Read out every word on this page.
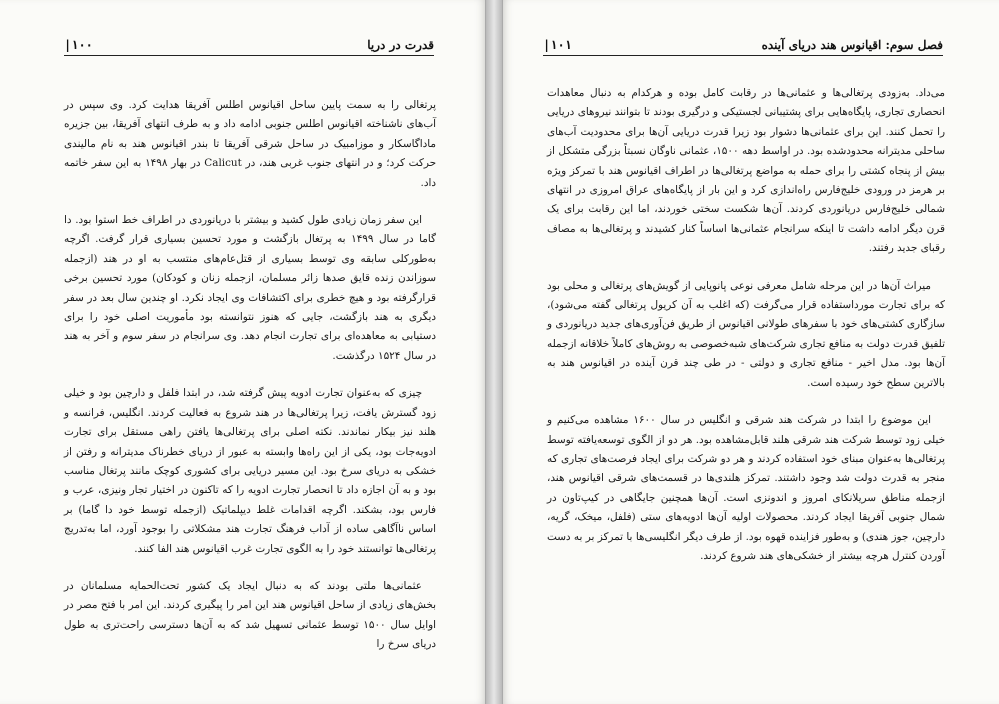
|۱۰۰	قدرت در دریا

پرتغالی را به سمت پایین ساحل اقیانوس اطلس آفریقا هدایت کرد. وی سپس در آب‌های ناشناخته اقیانوس اطلس جنوبی ادامه داد و به طرف انتهای آفریقا، بین جزیره ماداگاسکار و موزامبیک در ساحل شرقی آفریقا تا بندر اقیانوس هند به نام مالیندی حرکت کرد؛ و در انتهای جنوب غربی هند، در Calicut در بهار ۱۴۹۸ به این سفر خاتمه داد.

این سفر زمان زیادی طول کشید و بیشتر با دریانوردی در اطراف خط استوا بود. دا گاما در سال ۱۴۹۹ به پرتغال بازگشت و مورد تحسین بسیاری قرار گرفت. اگرچه به‌طورکلی سابقه وی توسط بسیاری از قتل‌عام‌های منتسب به او در هند (ازجمله سوزاندن زنده قایق صدها زائر مسلمان، ازجمله زنان و کودکان) مورد تحسین برخی قرارگرفته بود و هیچ خطری برای اکتشافات وی ایجاد نکرد. او چندین سال بعد در سفر دیگری به هند بازگشت، جایی که هنوز نتوانسته بود مأموریت اصلی خود را برای دستیابی به معاهده‌ای برای تجارت انجام دهد. وی سرانجام در سفر سوم و آخر به هند در سال ۱۵۲۴ درگذشت.

چیزی که به‌عنوان تجارت ادویه پیش گرفته شد، در ابتدا فلفل و دارچین بود و خیلی زود گسترش یافت، زیرا پرتغالی‌ها در هند شروع به فعالیت کردند. انگلیس، فرانسه و هلند نیز بیکار نماندند. نکته اصلی برای پرتغالی‌ها یافتن راهی مستقل برای تجارت ادویه‌جات بود، یکی از این راه‌ها وابسته به عبور از دریای خطرناک مدیترانه و رفتن از خشکی به دریای سرخ بود. این مسیر دریایی برای کشوری کوچک مانند پرتغال مناسب بود و به آن اجازه داد تا انحصار تجارت ادویه را که تاکنون در اختیار تجار ونیزی، عرب و فارس بود، بشکند. اگرچه اقدامات غلط دیپلماتیک (ازجمله توسط خود دا گاما) بر اساس ناآگاهی ساده از آداب فرهنگ تجارت هند مشکلاتی را بوجود آورد، اما به‌تدریج پرتغالی‌ها توانستند خود را به الگوی تجارت غرب اقیانوس هند الفا کنند.

عثمانی‌ها ملتی بودند که به دنبال ایجاد یک کشور تحت‌الحمایه مسلمانان در بخش‌های زیادی از ساحل اقیانوس هند این امر را پیگیری کردند. این امر با فتح مصر در اوایل سال ۱۵۰۰ توسط عثمانی تسهیل شد که به آن‌ها دسترسی راحت‌تری به طول دریای سرخ را

|۱۰۱	فصل سوم: اقیانوس هند دریای آینده

می‌داد. به‌زودی پرتغالی‌ها و عثمانی‌ها در رقابت کامل بوده و هرکدام به دنبال معاهدات انحصاری تجاری، پایگاه‌هایی برای پشتیبانی لجستیکی و درگیری بودند تا بتوانند نیروهای دریایی را تحمل کنند. این برای عثمانی‌ها دشوار بود زیرا قدرت دریایی آن‌ها برای محدودیت آب‌های ساحلی مدیترانه محدودشده بود. در اواسط دهه ۱۵۰۰، عثمانی ناوگان نسبتاً بزرگی متشکل از بیش از پنجاه کشتی را برای حمله به مواضع پرتغالی‌ها در اطراف اقیانوس هند با تمرکز ویژه بر هرمز در ورودی خلیج‌فارس راه‌اندازی کرد و این بار از پایگاه‌های عراق امروزی در انتهای شمالی خلیج‌فارس دریانوردی کردند. آن‌ها شکست سختی خوردند، اما این رقابت برای یک قرن دیگر ادامه داشت تا اینکه سرانجام عثمانی‌ها اساساً کنار کشیدند و پرتغالی‌ها به مصاف رقبای جدید رفتند.

میراث آن‌ها در این مرحله شامل معرفی نوعی پانوپایی از گویش‌های پرتغالی و محلی بود که برای تجارت مورداستفاده قرار می‌گرفت (که اغلب به آن کریول پرتغالی گفته می‌شود)، سازگاری کشتی‌های خود با سفرهای طولانی اقیانوس از طریق فن‌آوری‌های جدید دریانوردی و تلفیق قدرت دولت به منافع تجاری شرکت‌های شبه‌خصوصی به روش‌های کاملاً خلاقانه ازجمله آن‌ها بود. مدل اخیر - منافع تجاری و دولتی - در طی چند قرن آینده در اقیانوس هند به بالاترین سطح خود رسیده است.

این موضوع را ابتدا در شرکت هند شرقی و انگلیس در سال ۱۶۰۰ مشاهده می‌کنیم و خیلی زود توسط شرکت هند شرقی هلند قابل‌مشاهده بود. هر دو از الگوی توسعه‌یافته توسط پرتغالی‌ها به‌عنوان مبنای خود استفاده کردند و هر دو شرکت برای ایجاد فرصت‌های تجاری که منجر به قدرت دولت شد وجود داشتند. تمرکز هلندی‌ها در قسمت‌های شرقی اقیانوس هند، ازجمله مناطق سریلانکای امروز و اندونزی است. آن‌ها همچنین جایگاهی در کیپ‌تاون در شمال جنوبی آفریقا ایجاد کردند. محصولات اولیه آن‌ها ادویه‌های ستی (فلفل، میخک، گریه، دارچین، جوز هندی) و به‌طور فزاینده قهوه بود. از طرف دیگر انگلیسی‌ها با تمرکز بر به دست آوردن کنترل هرچه بیشتر از خشکی‌های هند شروع کردند.
